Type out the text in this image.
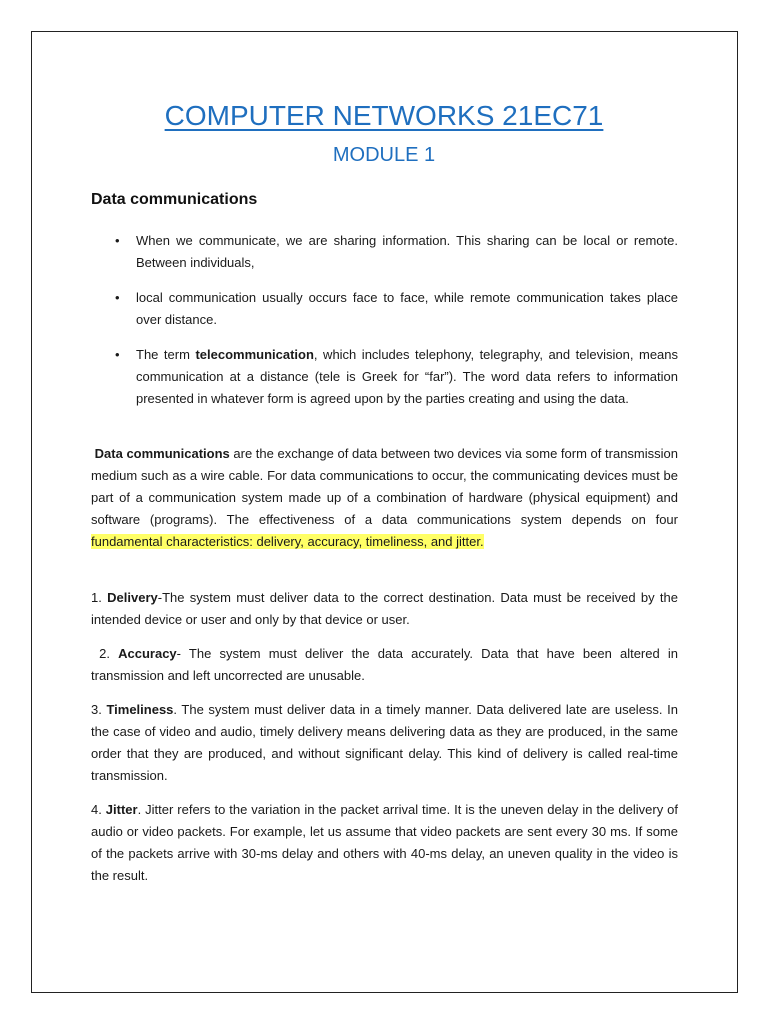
COMPUTER NETWORKS 21EC71
MODULE 1
Data communications
• When we communicate, we are sharing information. This sharing can be local or remote. Between individuals,
• local communication usually occurs face to face, while remote communication takes place over distance.
• The term telecommunication, which includes telephony, telegraphy, and television, means communication at a distance (tele is Greek for “far”). The word data refers to information presented in whatever form is agreed upon by the parties creating and using the data.

Data communications are the exchange of data between two devices via some form of transmission medium such as a wire cable. For data communications to occur, the communicating devices must be part of a communication system made up of a combination of hardware (physical equipment) and software (programs). The effectiveness of a data communications system depends on four fundamental characteristics: delivery, accuracy, timeliness, and jitter.

1. Delivery-The system must deliver data to the correct destination. Data must be received by the intended device or user and only by that device or user.

2. Accuracy- The system must deliver the data accurately. Data that have been altered in transmission and left uncorrected are unusable.

3. Timeliness. The system must deliver data in a timely manner. Data delivered late are useless. In the case of video and audio, timely delivery means delivering data as they are produced, in the same order that they are produced, and without significant delay. This kind of delivery is called real-time transmission.

4. Jitter. Jitter refers to the variation in the packet arrival time. It is the uneven delay in the delivery of audio or video packets. For example, let us assume that video packets are sent every 30 ms. If some of the packets arrive with 30-ms delay and others with 40-ms delay, an uneven quality in the video is the result.
